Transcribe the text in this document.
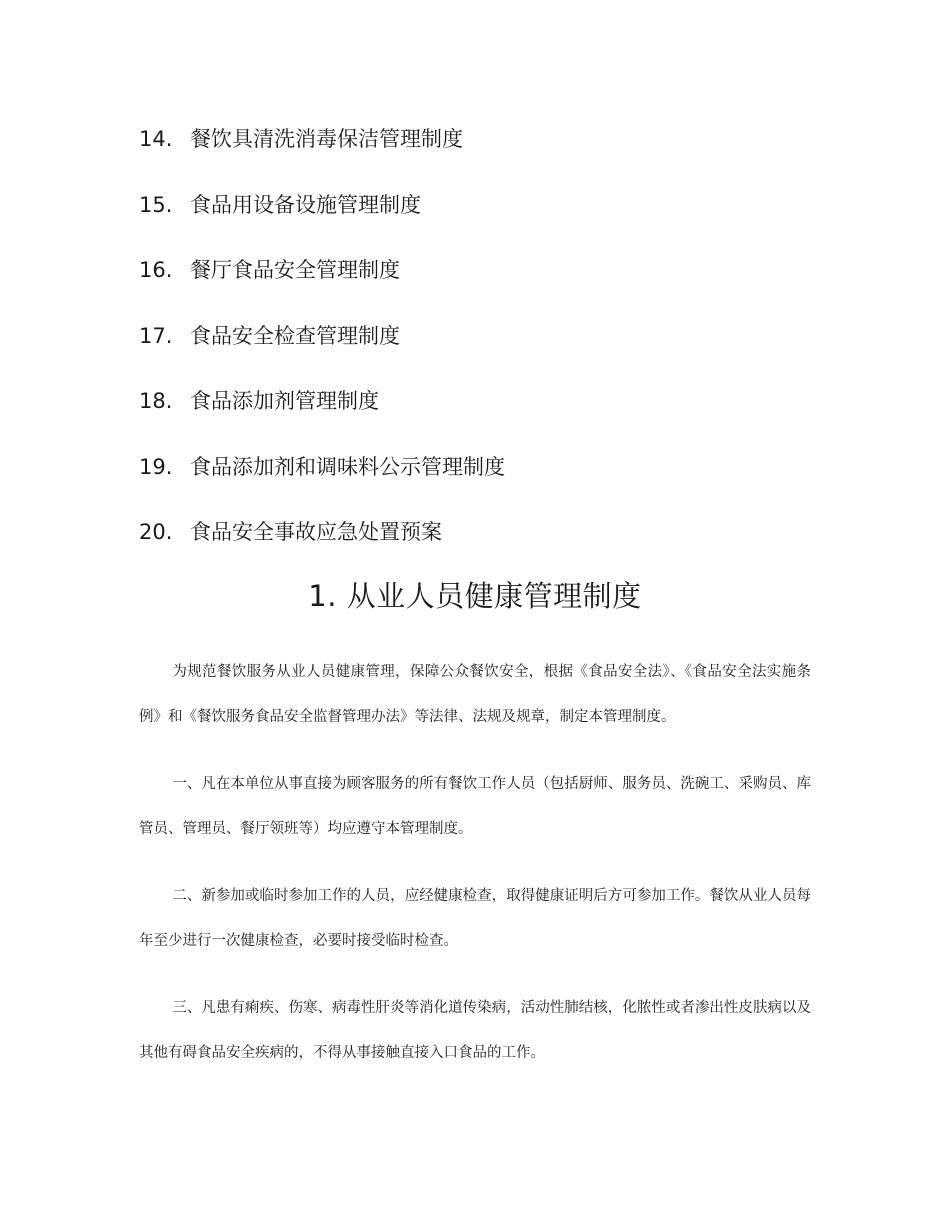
14. 餐饮具清洗消毒保洁管理制度
15. 食品用设备设施管理制度
16. 餐厅食品安全管理制度
17. 食品安全检查管理制度
18. 食品添加剂管理制度
19. 食品添加剂和调味料公示管理制度
20. 食品安全事故应急处置预案
1. 从业人员健康管理制度

为规范餐饮服务从业人员健康管理，保障公众餐饮安全，根据《食品安全法》、《食品安全法实施条例》和《餐饮服务食品安全监督管理办法》等法律、法规及规章，制定本管理制度。

一、凡在本单位从事直接为顾客服务的所有餐饮工作人员（包括厨师、服务员、洗碗工、采购员、库管员、管理员、餐厅领班等）均应遵守本管理制度。

二、新参加或临时参加工作的人员，应经健康检查，取得健康证明后方可参加工作。餐饮从业人员每年至少进行一次健康检查，必要时接受临时检查。

三、凡患有痢疾、伤寒、病毒性肝炎等消化道传染病，活动性肺结核，化脓性或者渗出性皮肤病以及其他有碍食品安全疾病的，不得从事接触直接入口食品的工作。
